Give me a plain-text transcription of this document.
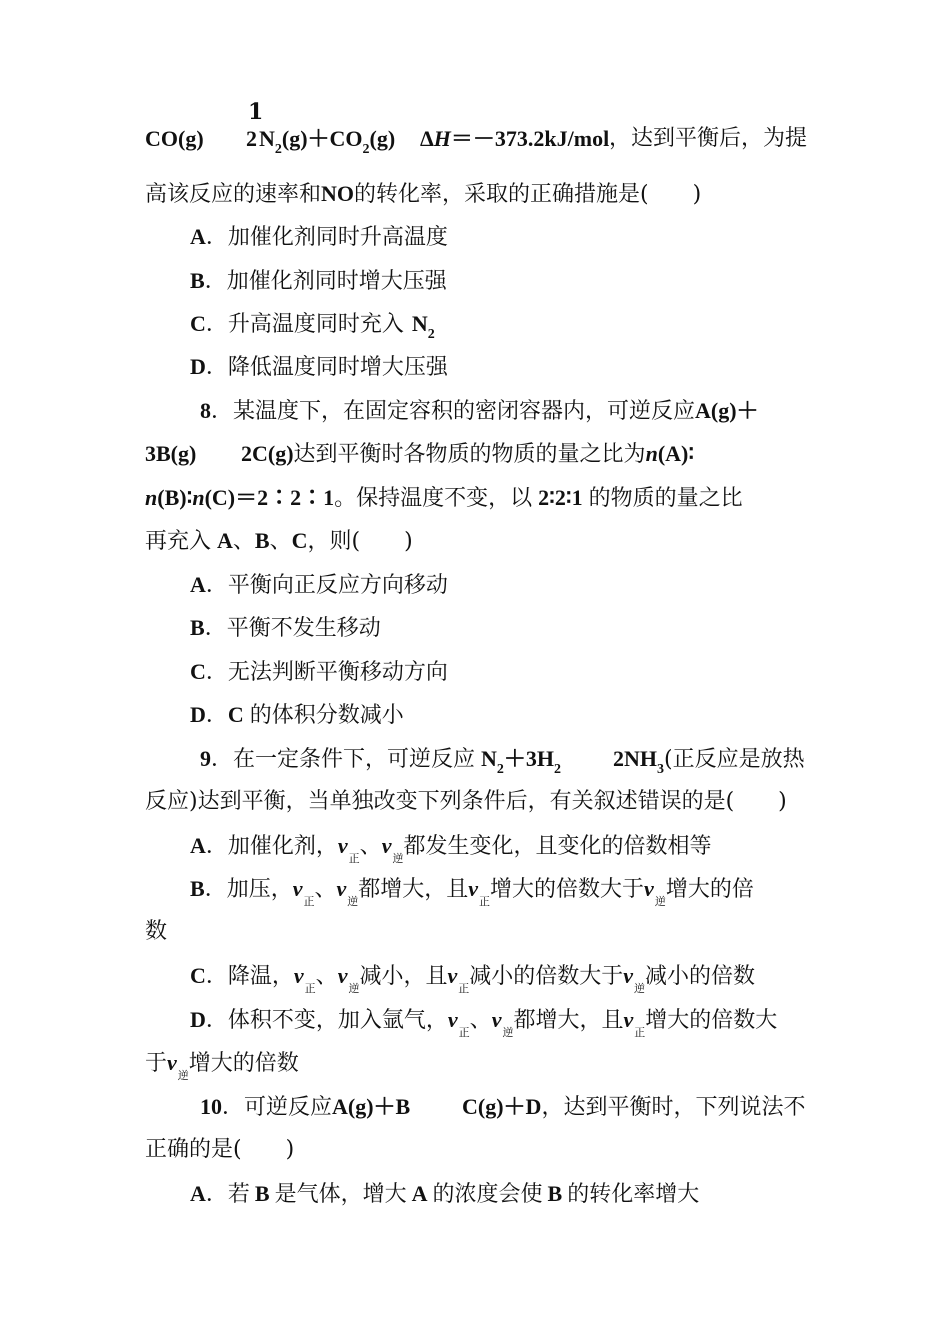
CO(g)
1
2 $N_2(g)+CO_2(g)$ ΔH＝－373.2kJ/mol ，达到平衡后，为提
高该反应的速率和NO的转化率，采取的正确措施是(　　)
A．加催化剂同时升高温度
B．加催化剂同时增大压强
C．升高温度同时充入 $N_2$
D．降低温度同时增大压强
8．某温度下，在固定容积的密闭容器内，可逆反应A(g)＋
3B(g) 2C(g)达到平衡时各物质的物质的量之比为n(A)∶
n(B)∶n(C)＝2∶2∶1。保持温度不变，以 2∶2∶1 的物质的量之比
再充入 A、B、C，则(　　)
A．平衡向正反应方向移动
B．平衡不发生移动
C．无法判断平衡移动方向
D．C 的体积分数减小
9．在一定条件下，可逆反应 $N_2+3H_2$ $2NH_3$(正反应是放热
反应)达到平衡，当单独改变下列条件后，有关叙述错误的是(　　)
A．加催化剂，$v_正$、$v_逆$都发生变化，且变化的倍数相等
B．加压，$v_正$、$v_逆$都增大，且$v_正$增大的倍数大于$v_逆$增大的倍
数
C．降温，$v_正$、$v_逆$减小，且$v_正$减小的倍数大于$v_逆$减小的倍数
D．体积不变，加入氩气，$v_正$、$v_逆$都增大，且$v_正$增大的倍数大
于$v_逆$增大的倍数
10．可逆反应A(g)＋B C(g)＋D，达到平衡时，下列说法不
正确的是(　　)
A．若 B 是气体，增大 A 的浓度会使 B 的转化率增大
